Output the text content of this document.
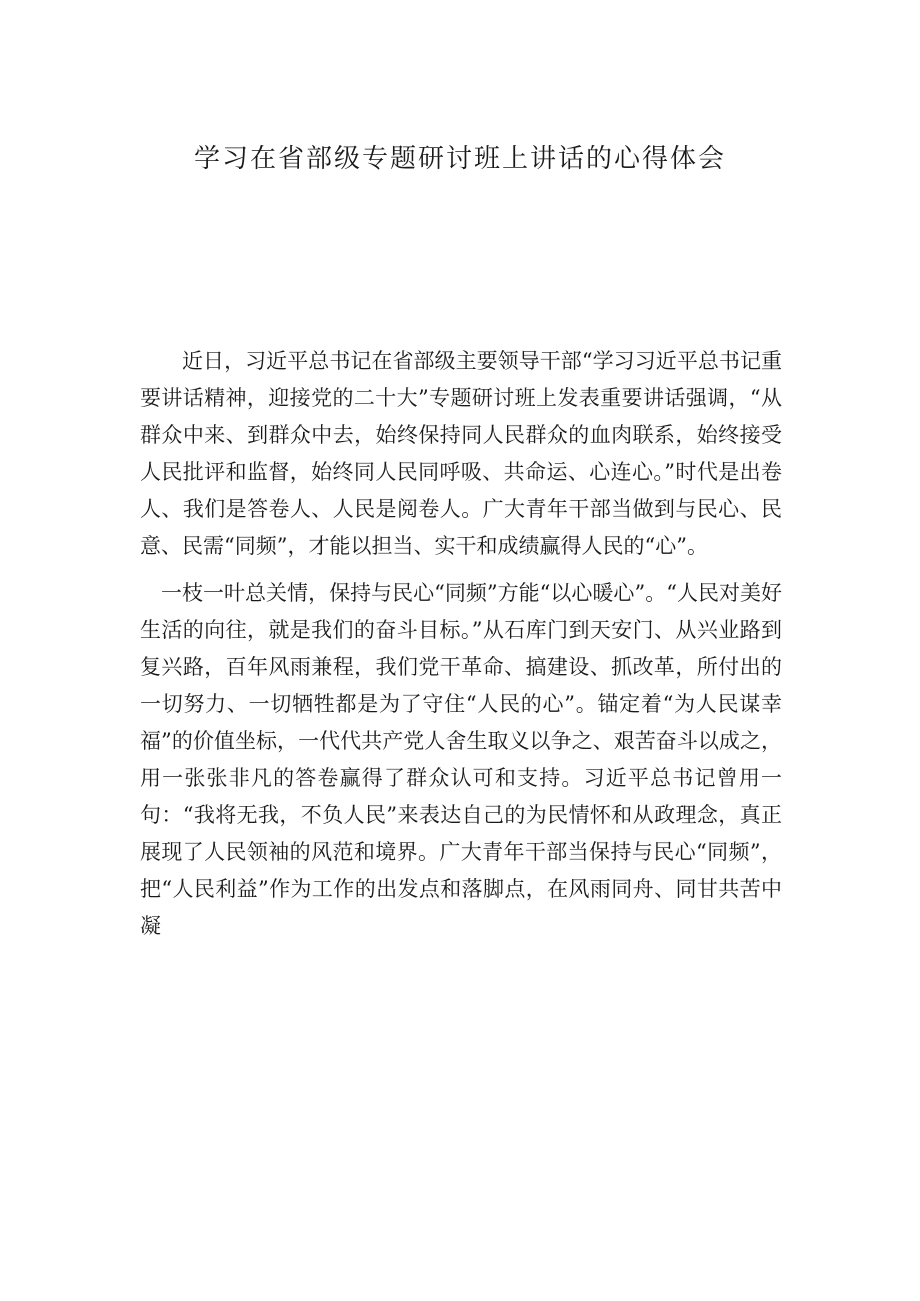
学习在省部级专题研讨班上讲话的心得体会

近日，习近平总书记在省部级主要领导干部“学习习近平总书记重要讲话精神，迎接党的二十大”专题研讨班上发表重要讲话强调，“从群众中来、到群众中去，始终保持同人民群众的血肉联系，始终接受人民批评和监督，始终同人民同呼吸、共命运、心连心。”时代是出卷人、我们是答卷人、人民是阅卷人。广大青年干部当做到与民心、民意、民需“同频”，才能以担当、实干和成绩赢得人民的“心”。

一枝一叶总关情，保持与民心“同频”方能“以心暖心”。“人民对美好生活的向往，就是我们的奋斗目标。”从石库门到天安门、从兴业路到复兴路，百年风雨兼程，我们党干革命、搞建设、抓改革，所付出的一切努力、一切牺牲都是为了守住“人民的心”。锚定着“为人民谋幸福”的价值坐标，一代代共产党人舍生取义以争之、艰苦奋斗以成之，用一张张非凡的答卷赢得了群众认可和支持。习近平总书记曾用一句：“我将无我，不负人民”来表达自己的为民情怀和从政理念，真正展现了人民领袖的风范和境界。广大青年干部当保持与民心“同频”，把“人民利益”作为工作的出发点和落脚点，在风雨同舟、同甘共苦中凝
